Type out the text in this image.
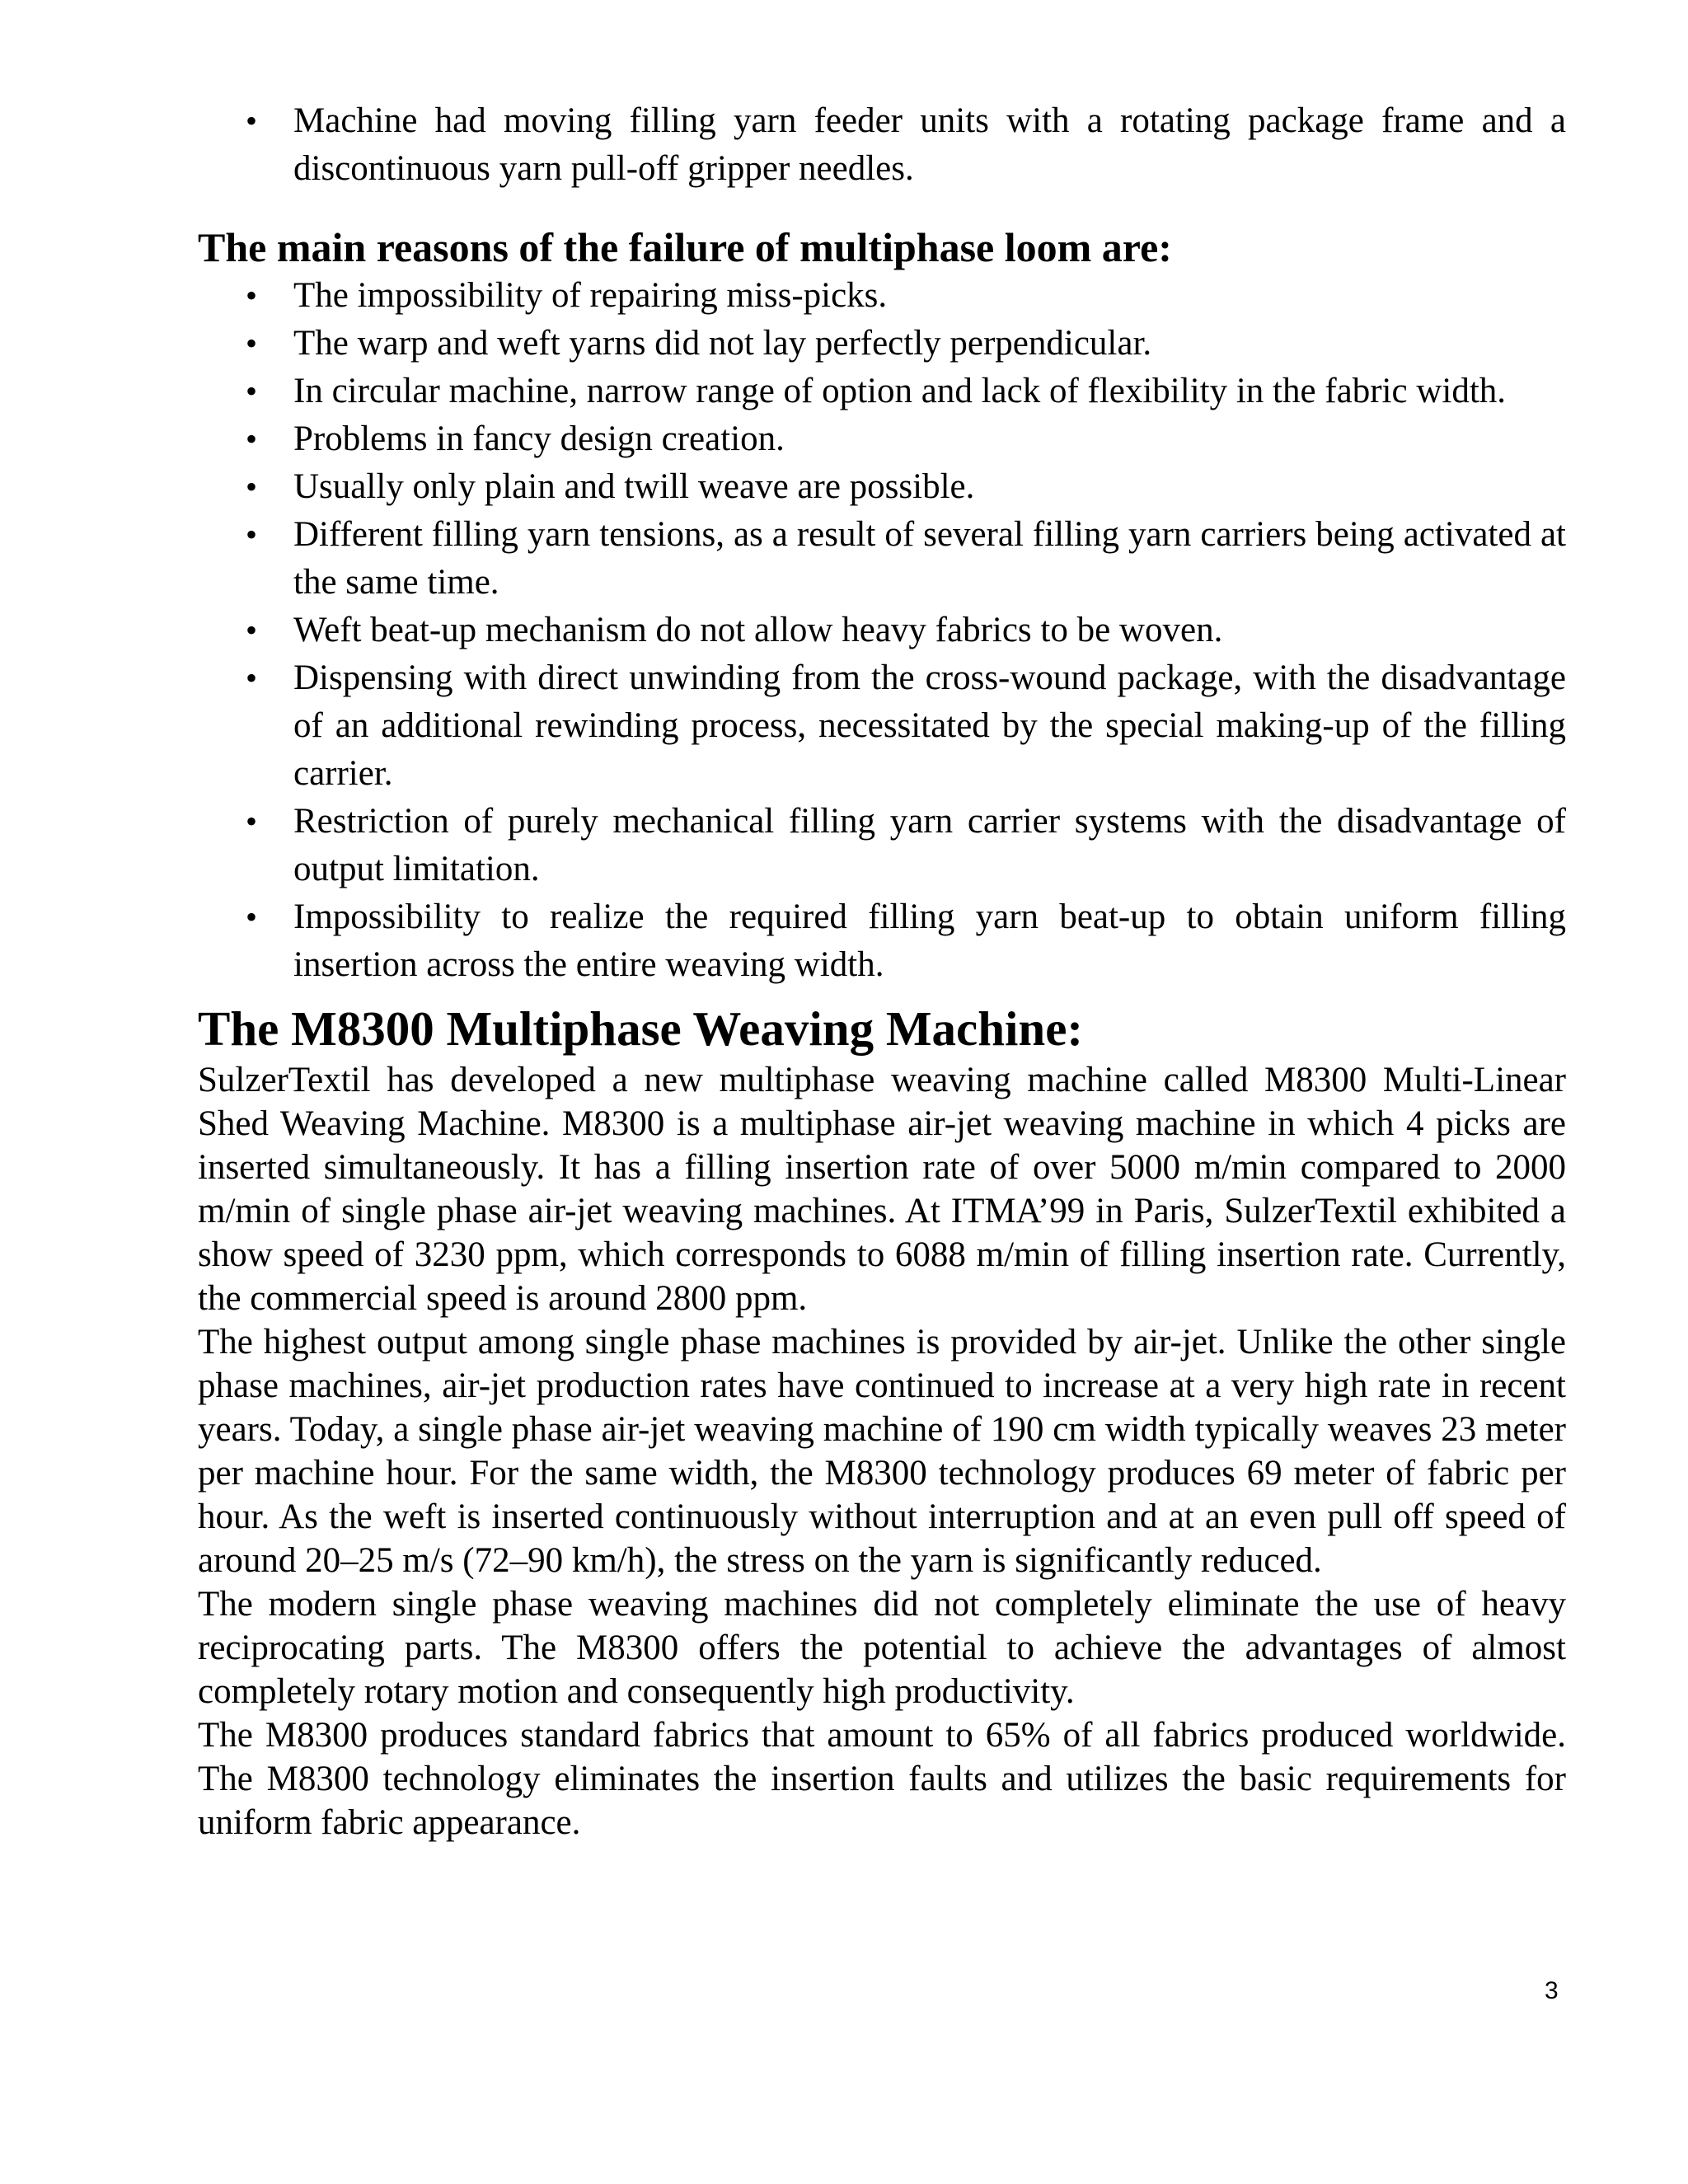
• Machine had moving filling yarn feeder units with a rotating package frame and a discontinuous yarn pull-off gripper needles.
The main reasons of the failure of multiphase loom are:
• The impossibility of repairing miss-picks.
• The warp and weft yarns did not lay perfectly perpendicular.
• In circular machine, narrow range of option and lack of flexibility in the fabric width.
• Problems in fancy design creation.
• Usually only plain and twill weave are possible.
• Different filling yarn tensions, as a result of several filling yarn carriers being activated at the same time.
• Weft beat-up mechanism do not allow heavy fabrics to be woven.
• Dispensing with direct unwinding from the cross-wound package, with the disadvantage of an additional rewinding process, necessitated by the special making-up of the filling carrier.
• Restriction of purely mechanical filling yarn carrier systems with the disadvantage of output limitation.
• Impossibility to realize the required filling yarn beat-up to obtain uniform filling insertion across the entire weaving width.
The M8300 Multiphase Weaving Machine:

SulzerTextil has developed a new multiphase weaving machine called M8300 Multi-Linear Shed Weaving Machine. M8300 is a multiphase air-jet weaving machine in which 4 picks are inserted simultaneously. It has a filling insertion rate of over 5000 m/min compared to 2000 m/min of single phase air-jet weaving machines. At ITMA’99 in Paris, SulzerTextil exhibited a show speed of 3230 ppm, which corresponds to 6088 m/min of filling insertion rate. Currently, the commercial speed is around 2800 ppm.

The highest output among single phase machines is provided by air-jet. Unlike the other single phase machines, air-jet production rates have continued to increase at a very high rate in recent years. Today, a single phase air-jet weaving machine of 190 cm width typically weaves 23 meter per machine hour. For the same width, the M8300 technology produces 69 meter of fabric per hour. As the weft is inserted continuously without interruption and at an even pull off speed of around 20–25 m/s (72–90 km/h), the stress on the yarn is significantly reduced.

The modern single phase weaving machines did not completely eliminate the use of heavy reciprocating parts. The M8300 offers the potential to achieve the advantages of almost completely rotary motion and consequently high productivity.

The M8300 produces standard fabrics that amount to 65% of all fabrics produced worldwide. The M8300 technology eliminates the insertion faults and utilizes the basic requirements for uniform fabric appearance.

3
